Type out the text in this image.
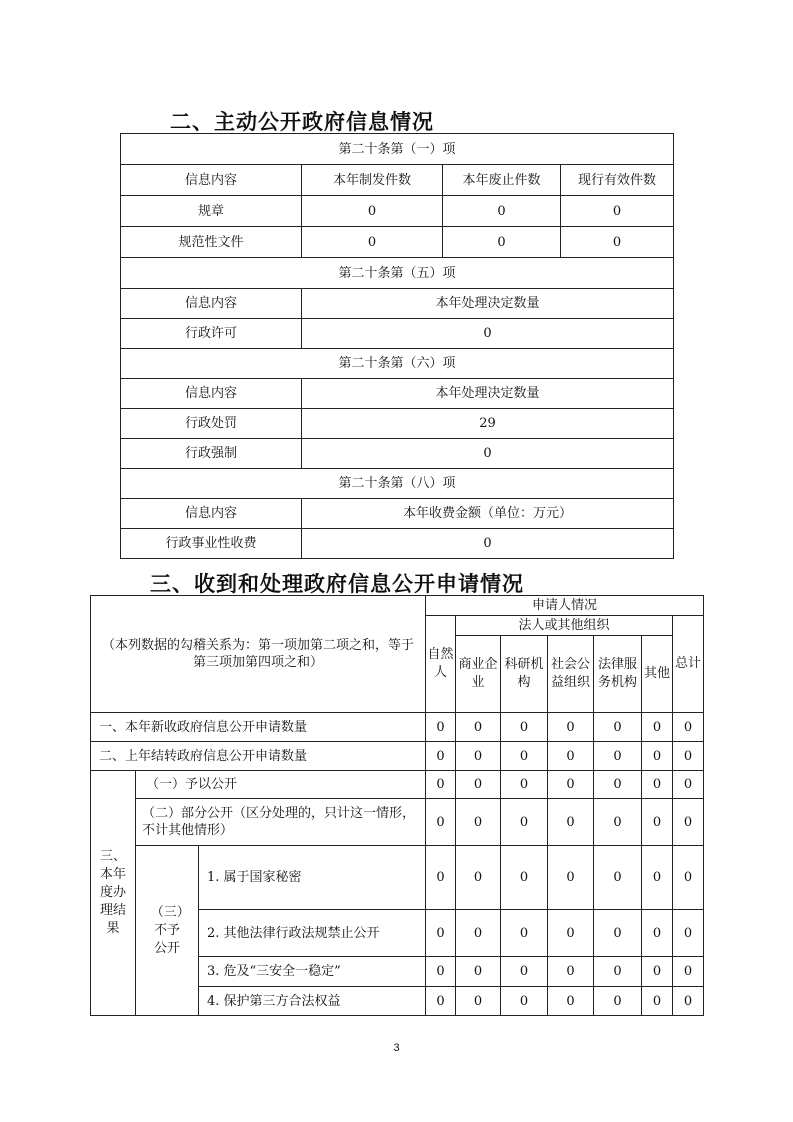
二、主动公开政府信息情况
第二十条第（一）项			
信息内容	本年制发件数	本年废止件数	现行有效件数
规章	0	0	0
规范性文件	0	0	0
第二十条第（五）项			
信息内容	本年处理决定数量		
行政许可	0		
第二十条第（六）项			
信息内容	本年处理决定数量		
行政处罚	29		
行政强制	0		
第二十条第（八）项			
信息内容	本年收费金额（单位：万元）		
行政事业性收费	0		
三、收到和处理政府信息公开申请情况
（本列数据的勾稽关系为：第一项加第二项之和，等于第三项加第四项之和）			申请人情况						
			自然人	法人或其他组织					总计
				商业企业	科研机构	社会公益组织	法律服务机构	其他	
一、本年新收政府信息公开申请数量			0	0	0	0	0	0	0
二、上年结转政府信息公开申请数量			0	0	0	0	0	0	0
三、本年度办理结果	（一）予以公开		0	0	0	0	0	0	0
	（二）部分公开（区分处理的，只计这一情形，不计其他情形）		0	0	0	0	0	0	0
	（三）不予公开	1. 属于国家秘密	0	0	0	0	0	0	0
		2. 其他法律行政法规禁止公开	0	0	0	0	0	0	0
		3. 危及“三安全一稳定”	0	0	0	0	0	0	0
		4. 保护第三方合法权益	0	0	0	0	0	0	0
3
